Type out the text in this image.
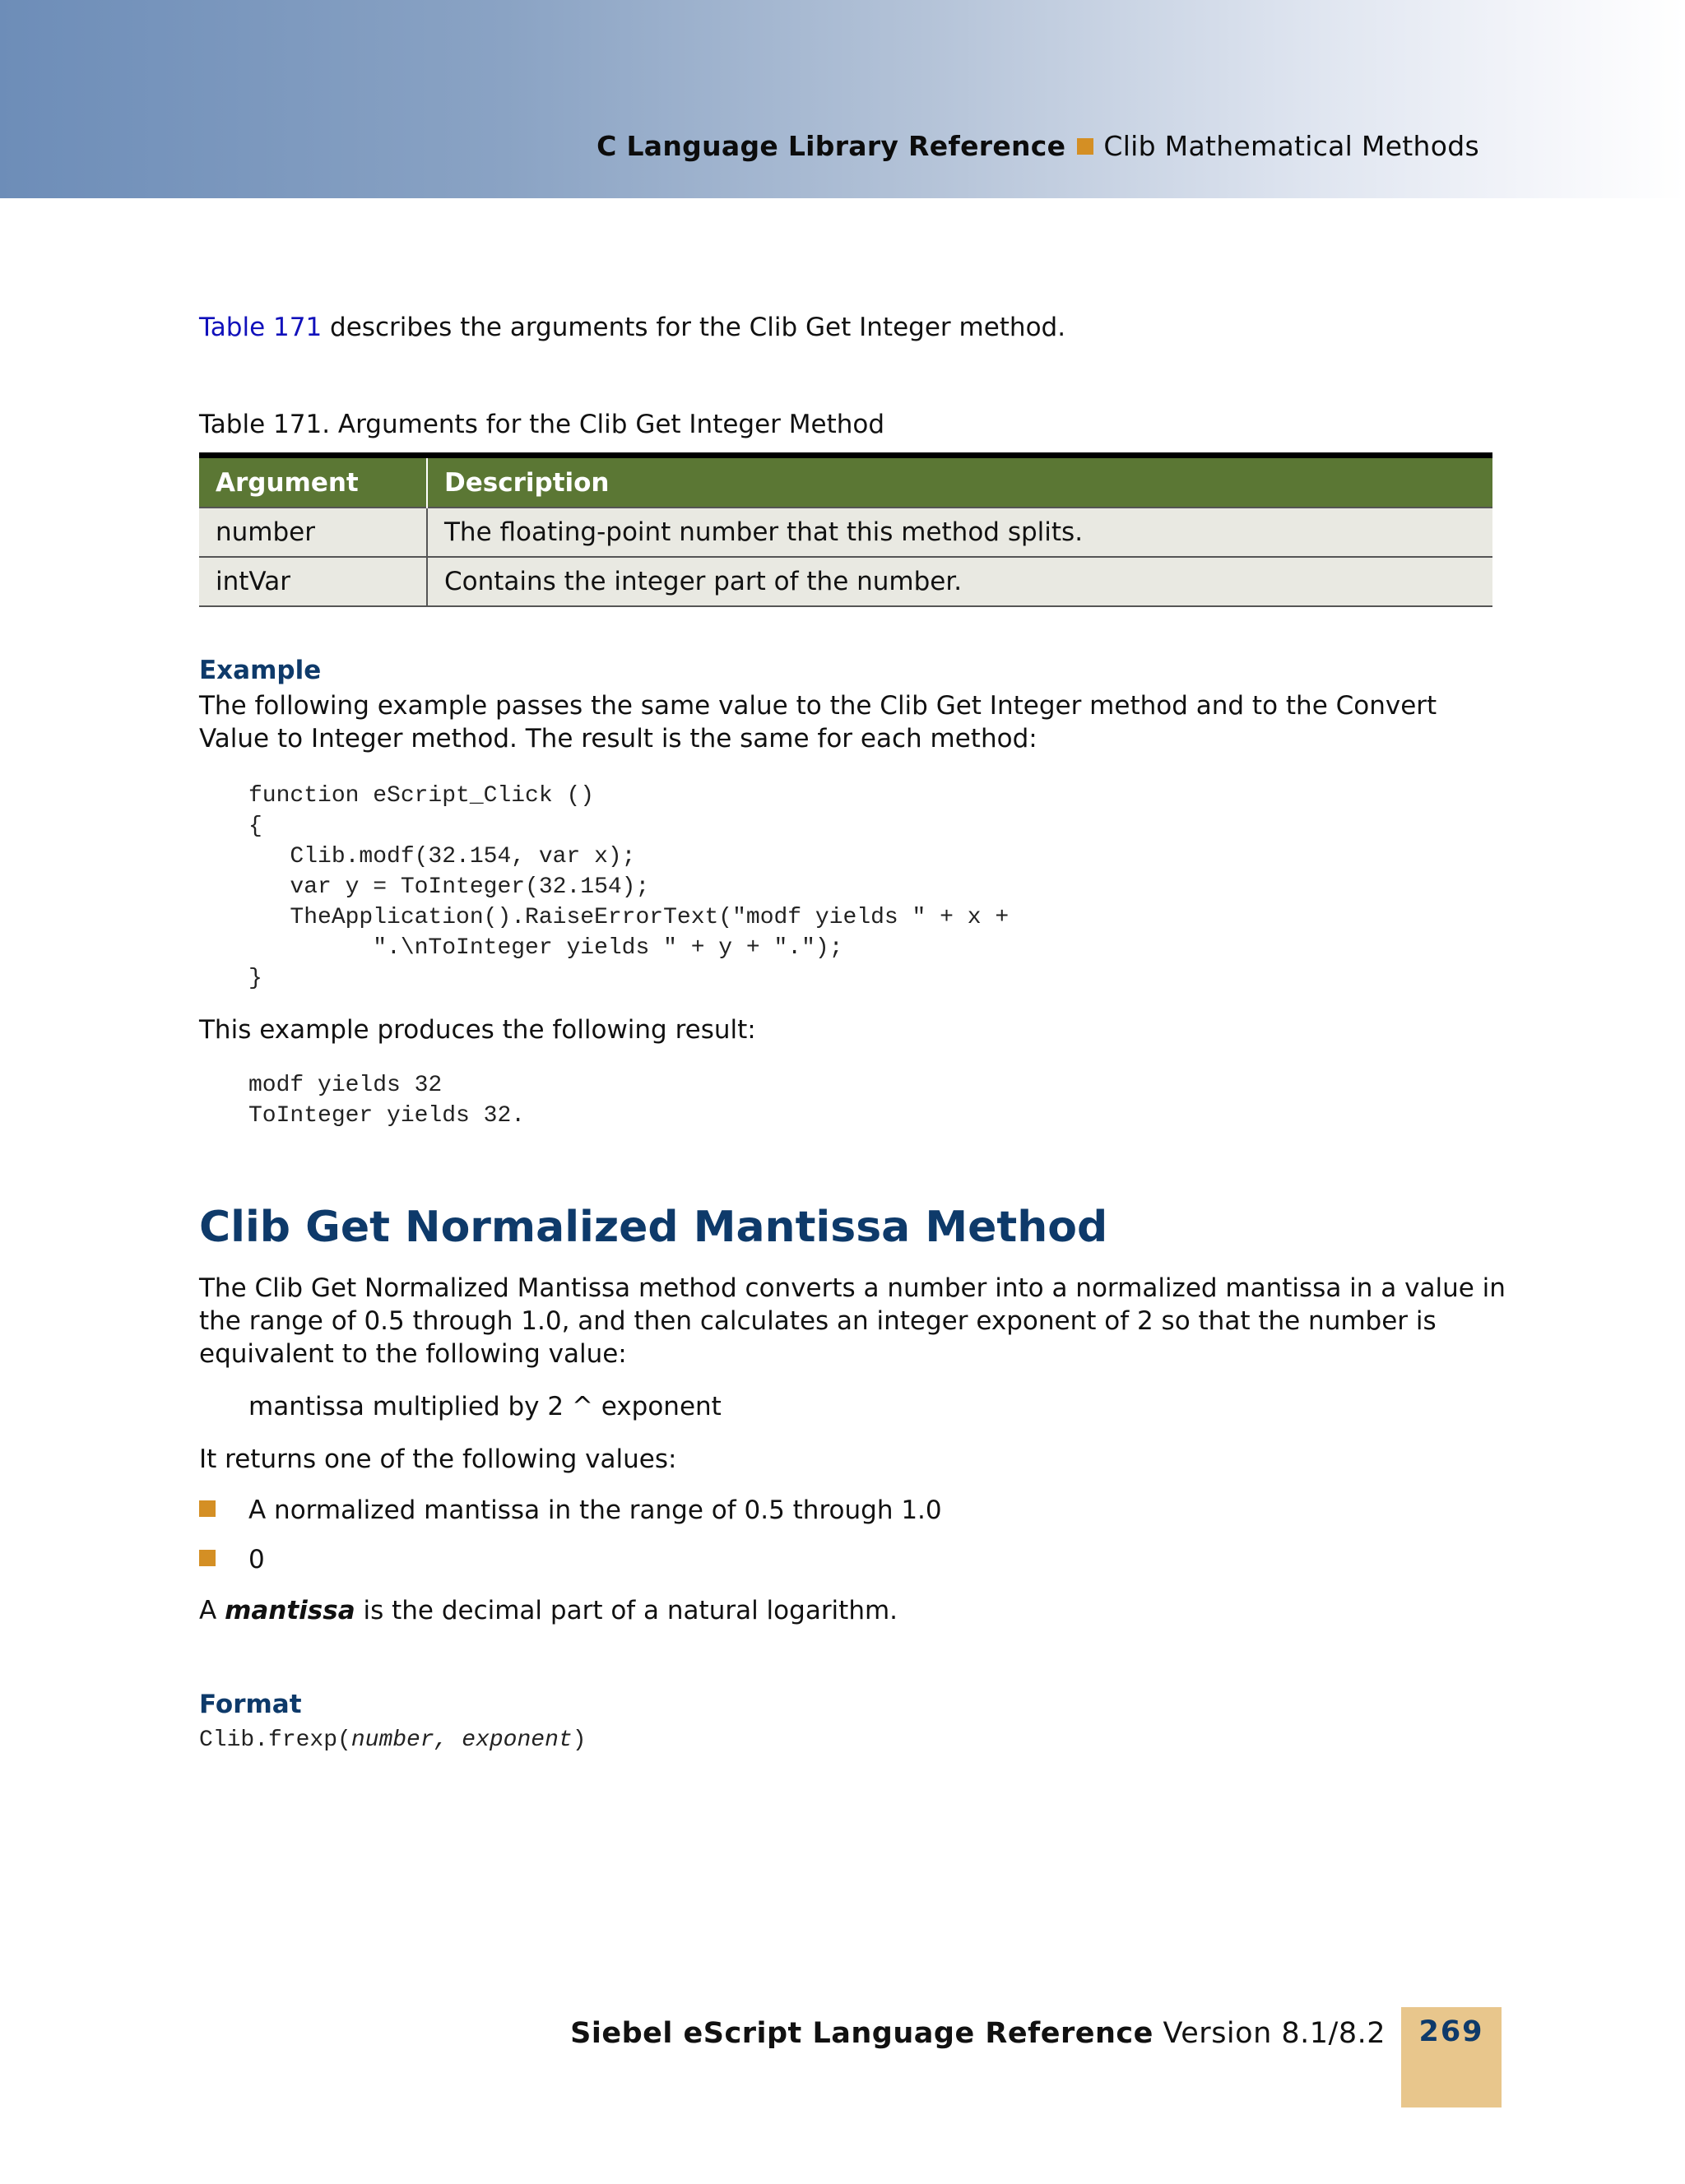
C Language Library Reference Clib Mathematical Methods

Table 171 describes the arguments for the Clib Get Integer method.

Table 171. Arguments for the Clib Get Integer Method

Argument	Description
number	The floating-point number that this method splits.
intVar	Contains the integer part of the number.
Example

The following example passes the same value to the Clib Get Integer method and to the Convert Value to Integer method. The result is the same for each method:

function eScript_Click ()
{
Clib.modf(32.154, var x);
var y = ToInteger(32.154);
TheApplication().RaiseErrorText("modf yields " + x +
".\nToInteger yields " + y + ".");
}

This example produces the following result:

modf yields 32
ToInteger yields 32.
Clib Get Normalized Mantissa Method

The Clib Get Normalized Mantissa method converts a number into a normalized mantissa in a value in the range of 0.5 through 1.0, and then calculates an integer exponent of 2 so that the number is equivalent to the following value:

mantissa multiplied by 2 ^ exponent

It returns one of the following values:

A normalized mantissa in the range of 0.5 through 1.0
0

A mantissa is the decimal part of a natural logarithm.

Format
Clib.frexp(number, exponent)
Siebel eScript Language Reference Version 8.1/8.2	269
